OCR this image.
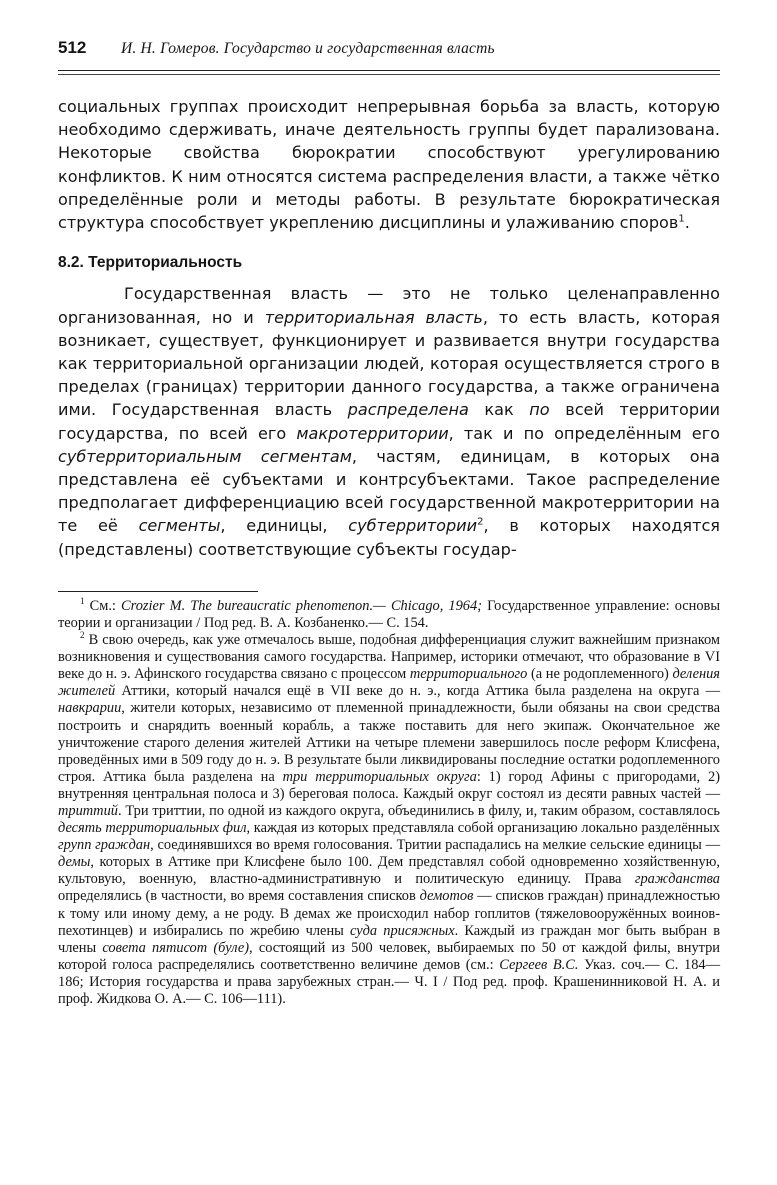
512	И. Н. Гомеров. Государство и государственная власть

социальных группах происходит непрерывная борьба за власть, которую необходимо сдерживать, иначе деятельность группы будет парализована. Некоторые свойства бюрократии способствуют урегулированию конфликтов. К ним относятся система распределения власти, а также чётко определённые роли и методы работы. В результате бюрократическая структура способствует укреплению дисциплины и улаживанию споров$^1$.

8.2. Территориальность

Государственная власть — это не только целенаправленно организованная, но и территориальная власть, то есть власть, которая возникает, существует, функционирует и развивается внутри государства как территориальной организации людей, которая осуществляется строго в пределах (границах) территории данного государства, а также ограничена ими. Государственная власть распределена как по всей территории государства, по всей его макротерритории, так и по определённым его субтерриториальным сегментам, частям, единицам, в которых она представлена её субъектами и контрсубъектами. Такое распределение предполагает дифференциацию всей государственной макротерритории на те её сегменты, единицы, субтерритории$^2$, в которых находятся (представлены) соответствующие субъекты государ-

$^1$ См.: Crozier M. The bureaucratic phenomenon.— Chicago, 1964; Государственное управление: основы теории и организации / Под ред. В. А. Козбаненко.— С. 154.

$^2$ В свою очередь, как уже отмечалось выше, подобная дифференциация служит важнейшим признаком возникновения и существования самого государства. Например, историки отмечают, что образование в VI веке до н. э. Афинского государства связано с процессом территориального (а не родоплеменного) деления жителей Аттики, который начался ещё в VII веке до н. э., когда Аттика была разделена на округа — навкрарии, жители которых, независимо от племенной принадлежности, были обязаны на свои средства построить и снарядить военный корабль, а также поставить для него экипаж. Окончательное же уничтожение старого деления жителей Аттики на четыре племени завершилось после реформ Клисфена, проведённых ими в 509 году до н. э. В результате были ликвидированы последние остатки родоплеменного строя. Аттика была разделена на три территориальных округа: 1) город Афины с пригородами, 2) внутренняя центральная полоса и 3) береговая полоса. Каждый округ состоял из десяти равных частей — триттий. Три триттии, по одной из каждого округа, объединились в филу, и, таким образом, составлялось десять территориальных фил, каждая из которых представляла собой организацию локально разделённых групп граждан, соединявшихся во время голосования. Тритии распадались на мелкие сельские единицы — демы, которых в Аттике при Клисфене было 100. Дем представлял собой одновременно хозяйственную, культовую, военную, властно-административную и политическую единицу. Права гражданства определялись (в частности, во время составления списков демотов — списков граждан) принадлежностью к тому или иному дему, а не роду. В демах же происходил набор гоплитов (тяжеловооружённых воинов-пехотинцев) и избирались по жребию члены суда присяжных. Каждый из граждан мог быть выбран в члены совета пятисот (буле), состоящий из 500 человек, выбираемых по 50 от каждой филы, внутри которой голоса распределялись соответственно величине демов (см.: Сергеев В.С. Указ. соч.— С. 184—186; История государства и права зарубежных стран.— Ч. I / Под ред. проф. Крашенинниковой Н. А. и проф. Жидкова О. А.— С. 106—111).
